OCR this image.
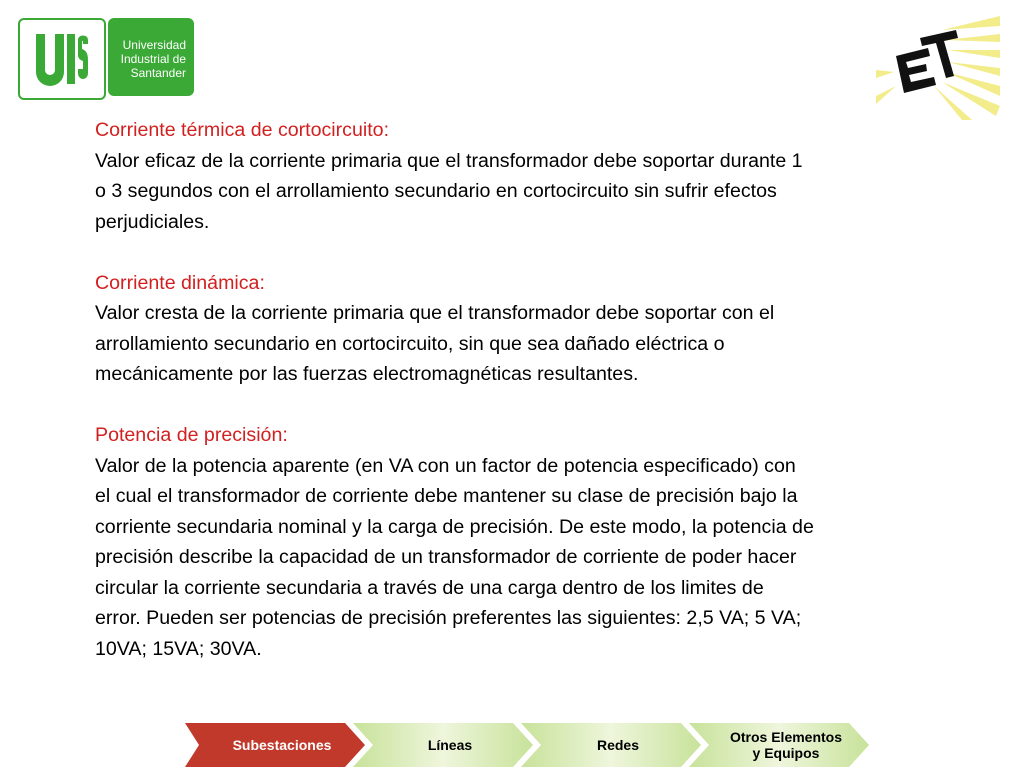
Universidad
Industrial de
Santander

Corriente térmica de cortocircuito:

Valor eficaz de la corriente primaria que el transformador debe soportar durante 1

o 3 segundos con el arrollamiento secundario en cortocircuito sin sufrir efectos

perjudiciales.

Corriente dinámica:

Valor cresta de la corriente primaria que el transformador debe soportar con el

arrollamiento secundario en cortocircuito, sin que sea dañado eléctrica o

mecánicamente por las fuerzas electromagnéticas resultantes.

Potencia de precisión:

Valor de la potencia aparente (en VA con un factor de potencia especificado) con

el cual el transformador de corriente debe mantener su clase de precisión bajo la

corriente secundaria nominal y la carga de precisión. De este modo, la potencia de

precisión describe la capacidad de un transformador de corriente de poder hacer

circular la corriente secundaria a través de una carga dentro de los limites de

error. Pueden ser potencias de precisión preferentes las siguientes: 2,5 VA; 5 VA;

10VA; 15VA; 30VA.

Subestaciones	Líneas	Redes	Otros Elementos
y Equipos
